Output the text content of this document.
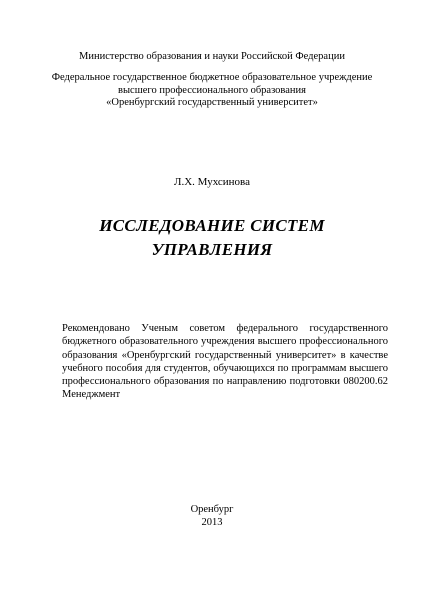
Министерство образования и науки Российской Федерации
Федеральное государственное бюджетное образовательное учреждение
высшего профессионального образования
«Оренбургский государственный университет»
Л.Х. Мухсинова
ИССЛЕДОВАНИЕ СИСТЕМ
УПРАВЛЕНИЯ
Рекомендовано Ученым советом федерального государственного
бюджетного образовательного учреждения высшего профессионального
образования «Оренбургский государственный университет» в качестве
учебного пособия для студентов, обучающихся по программам высшего
профессионального образования по направлению подготовки 080200.62
Менеджмент
Оренбург
2013
